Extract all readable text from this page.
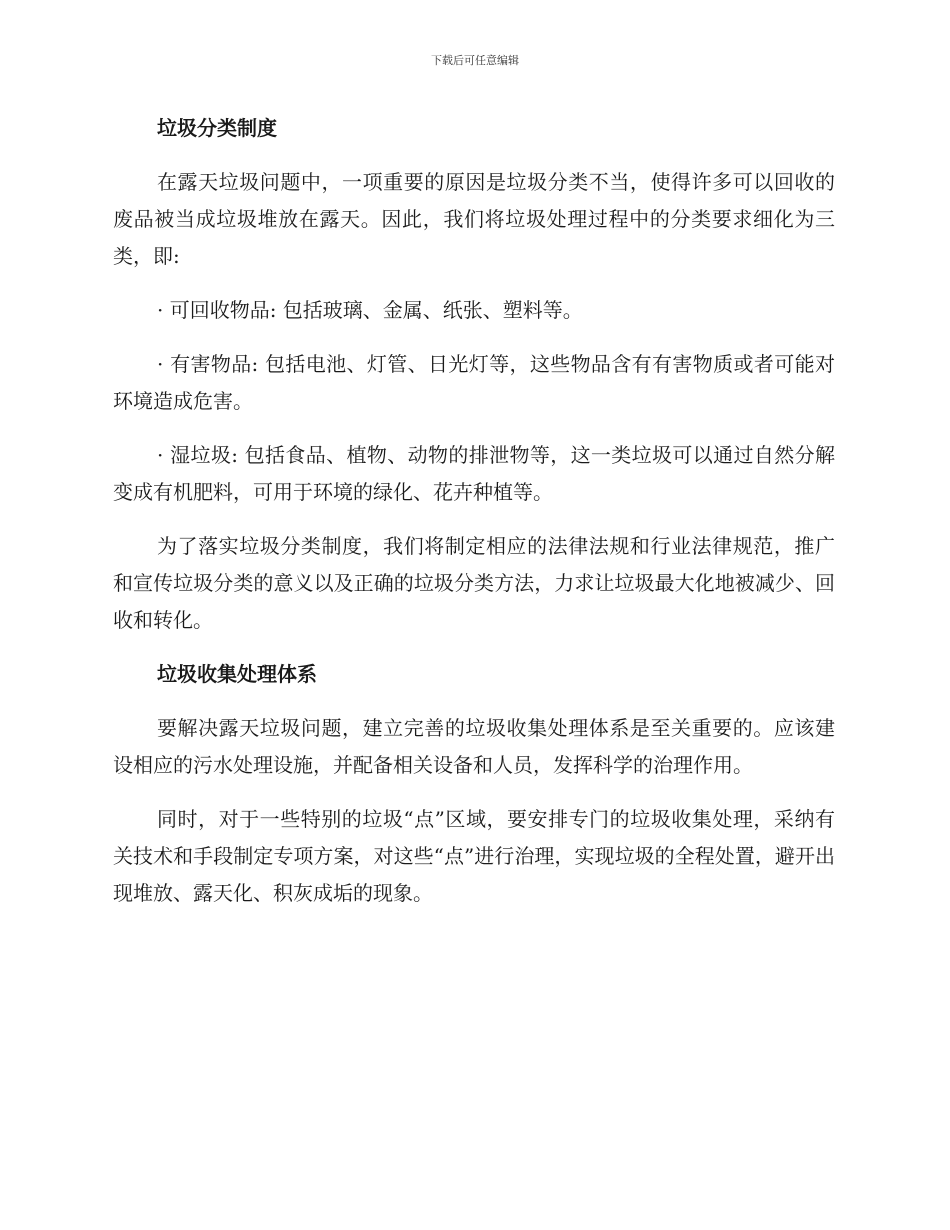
下载后可任意编辑
垃圾分类制度

在露天垃圾问题中，一项重要的原因是垃圾分类不当，使得许多可以回收的废品被当成垃圾堆放在露天。因此，我们将垃圾处理过程中的分类要求细化为三类，即:

· 可回收物品: 包括玻璃、金属、纸张、塑料等。

· 有害物品: 包括电池、灯管、日光灯等，这些物品含有有害物质或者可能对环境造成危害。

· 湿垃圾: 包括食品、植物、动物的排泄物等，这一类垃圾可以通过自然分解变成有机肥料，可用于环境的绿化、花卉种植等。

为了落实垃圾分类制度，我们将制定相应的法律法规和行业法律规范，推广和宣传垃圾分类的意义以及正确的垃圾分类方法，力求让垃圾最大化地被减少、回收和转化。

垃圾收集处理体系

要解决露天垃圾问题，建立完善的垃圾收集处理体系是至关重要的。应该建设相应的污水处理设施，并配备相关设备和人员，发挥科学的治理作用。

同时，对于一些特别的垃圾“点”区域，要安排专门的垃圾收集处理，采纳有关技术和手段制定专项方案，对这些“点”进行治理，实现垃圾的全程处置，避开出现堆放、露天化、积灰成垢的现象。
